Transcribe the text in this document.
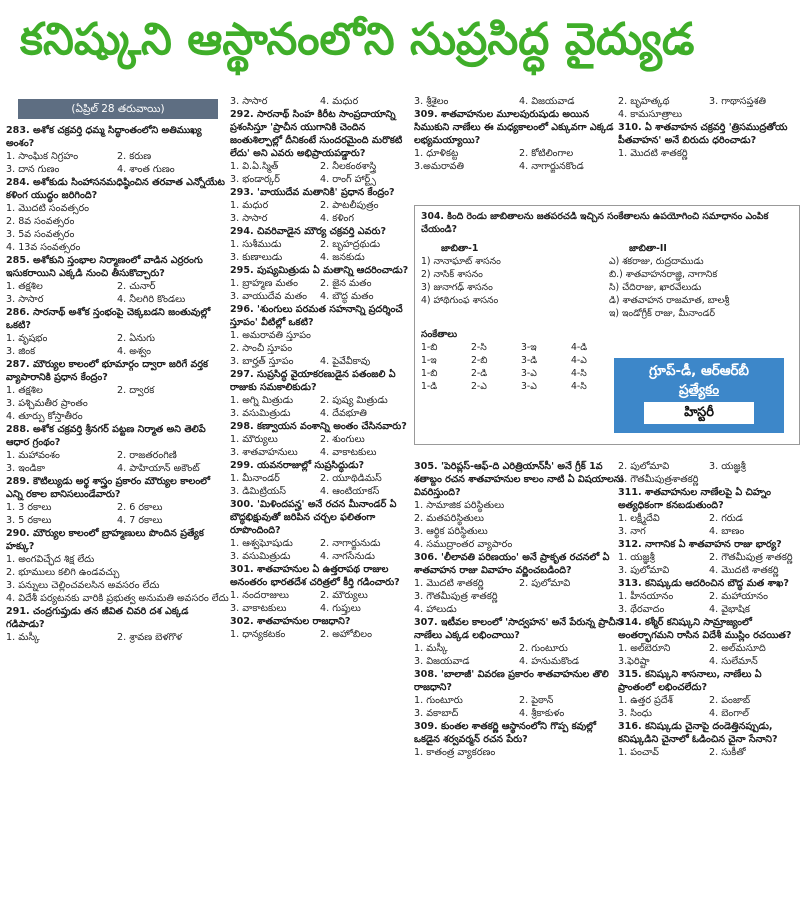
కనిష్కుని ఆస్థానంలోని సుప్రసిద్ధ వైద్యుడ
(ఏప్రిల్ 28 తరువాయి)
283. అశోక చక్రవర్తి ధమ్మ సిద్ధాంతంలోని అతిముఖ్య అంశం?
1. సాంఘిక నిగ్రహం	2. కరుణ
3. దాన గుణం	4. శాంత గుణం
284. అశోకుడు సింహాసనమధిష్ఠించిన తరవాత ఎన్నోయేట కళింగ యుద్ధం జరిగింది?
1. మొదటి సంవత్సరం
2. 8వ సంవత్సరం
3. 5వ సంవత్సరం
4. 13వ సంవత్సరం
285. అశోకుని స్తంభాల నిర్మాణంలో వాడిన ఎర్రరంగు ఇసుకరాయిని ఎక్కడి నుంచి తీసుకొచ్చారు?
1. తక్షశిల	2. చునార్
3. సాసార	4. నీలగిరి కొండలు
286. సారనాథ్ అశోక స్తంభంపై చెక్కబడని జంతువుల్లో ఒకటి?
1. వృషభం	2. ఏనుగు
3. జింక	4. అశ్వం
287. మౌర్యుల కాలంలో భూమార్గం ద్వారా జరిగే వర్తక వ్యాపారానికి ప్రధాన కేంద్రం?
1. తక్షశిల	2. ద్వారక
3. పశ్చిమతీర ప్రాంతం
4. తూర్పు కోస్తాతీరం
288. అశోక చక్రవర్తి శ్రీనగర్ పట్టణ నిర్మాత అని తెలిపే ఆధార గ్రంథం?
1. మహావంశం	2. రాజతరంగిణి
3. ఇండికా	4. పాహియాన్ అకౌంట్
289. కౌటిల్యుడు అర్థ శాస్త్రం ప్రకారం మౌర్యుల కాలంలో ఎన్ని రకాల బానిసలుండేవారు?
1. 3 రకాలు	2. 6 రకాలు
3. 5 రకాలు	4. 7 రకాలు
290. మౌర్యుల కాలంలో బ్రాహ్మణులు పొందిన ప్రత్యేక హక్కు?
1. అంగవిచ్ఛేద శిక్ష లేదు
2. భూములు కలిగి ఉండవచ్చు
3. పన్నులు చెల్లించవలసిన అవసరం లేదు
4. విదేశీ పర్యటనకు వారికి ప్రభుత్వ అనుమతి అవసరం లేదు
291. చంద్రగుప్తుడు తన జీవిత చివరి దశ ఎక్కడ గడిపాడు?
1. మస్కీ	2. శ్రావణ బెళగొళ
3. సాసార	4. మధుర
292. సారనాథ్ సింహ కిరీట సాంప్రదాయాన్ని ప్రశంసిస్తూ 'ప్రాచీన యుగానికి చెందిన జంతుశిల్పాల్లో దీనికంటే సుందరమైంది మరొకటి లేదు' అని ఎవరు అభిప్రాయపడ్డారు?
1. వి.ఏ.స్మిత్	2. నీలకంఠశాస్త్రి
3. భండార్కర్	4. రాంగ్ హార్ట్స్
293. 'వాయుదేవ మతానికి' ప్రధాన కేంద్రం?
1. మధుర	2. పాటలీపుత్రం
3. సాసార	4. కళింగ
294. చివరివాడైన మౌర్య చక్రవర్తి ఎవరు?
1. సుశీముడు	2. బృహద్రథుడు
3. కుణాలుడు	4. జనకుడు
295. పుష్యమిత్రుడు ఏ మతాన్ని ఆదరించాడు?
1. బ్రాహ్మణ మతం	2. జైన మతం
3. వాయుదేవ మతం	4. బౌద్ధ మతం
296. 'శుంగులు పరమత సహనాన్ని ప్రదర్శించే స్తూపం' వీటిల్లో ఒకటి?
1. అమరావతి స్తూపం
2. సాంచీ స్తూపం
3. బార్హత్ స్తూపం	4. పైవేవీకావు
297. సుప్రసిద్ధ వైయాకరణుడైన పతంజలి ఏ రాజుకు సమకాలికుడు?
1. అగ్ని మిత్రుడు	2. పుష్య మిత్రుడు
3. వసుమిత్రుడు	4. దేవభూతి
298. కణ్వాయన వంశాన్ని అంతం చేసినవారు?
1. మౌర్యులు	2. శుంగులు
3. శాతవాహనులు	4. వాకాటకులు
299. యవనరాజుల్లో సుప్రసిద్ధుడు?
1. మీనాండర్	2. యూథిడిమస్
3. డిమిట్రియస్	4. ఆంటియాకస్
300. 'మిళిందపన్హ' అనే రచన మీనాండర్ ఏ బౌద్ధభిక్షువుతో జరిపిన చర్చల ఫలితంగా రూపొందింది?
1. ఆశ్వఘోషుడు	2. నాగార్జునుడు
3. వసుమిత్రుడు	4. నాగసేనుడు
301. శాతవాహనుల ఏ ఉత్తరాపథ రాజుల అనంతరం భారతదేశ చరిత్రలో కీర్తి గడించారు?
1. నందరాజులు	2. మౌర్యులు
3. వాకాటకులు	4. గుప్తులు
302. శాతవాహనుల రాజధాని?
1. ధాన్యకటకం	2. అహోబిలం
3. శ్రీశైలం	4. విజయవాడ
309. శాతవాహనుల మూలపురుషుడు అయిన సిముకుని నాణేలు ఈ మధ్యకాలంలో ఎక్కువగా ఎక్కడ లభ్యమయ్యాయి?
1. ధూళికట్ట	2. కోటిలింగాల
3.అమరావతి	4. నాగార్జునకొండ
2. బృహత్కథ	3. గాథాసప్తశతి
4. కామసూత్రాలు
310. ఏ శాతవాహన చక్రవర్తి 'త్రిసముద్రతోయ పీతవాహన' అనే బిరుదు ధరించాడు?
1. మొదటి శాతకర్ణి
304. కింది రెండు జాబితాలను జతపరచడి ఇచ్చిన సంకేతాలను ఉపయోగించి సమాధానం ఎంపిక చేయండి?
జాబితా-1
1) నానాఘాట్ శాసనం
2) నాసిక్ శాసనం
3) జునాగఢ్ శాసనం
4) హాథిగుంఫ శాసనం
జాబితా-II
ఎ) శకరాజు, రుద్రదాముడు
బి.) శాతవాహనరాజ్ఞి, నాగానిక
సి) చేదిరాజు, ఖారవేలుడు
డి) శాతవాహన రాజమాత, బాలశ్రీ
ఇ) ఇండోగ్రీక్ రాజు, మీనాండర్
సంకేతాలు
1-బి	2-సి	3-ఇ	4-డి
1-ఇ	2-బి	3-డి	4-ఎ
1-బి	2-డి	3-ఎ	4-సి
1-డి	2-ఎ	3-ఎ	4-సి
గ్రూప్-డీ, ఆర్ఆర్‌బీ
ప్రత్యేకం
హిస్టరీ
305. 'పెరిప్లస్-ఆఫ్-ది ఎరిత్రియాన్‌సీ' అనే గ్రీక్ 1వ శతాబ్దం రచన శాతవాహనుల కాలం నాటి ఏ విషయాలను వివరిస్తుంది?
1. సామాజిక పరిస్థితులు
2. మతపరిస్థితులు
3. ఆర్థిక పరిస్థితులు
4. సముద్రాంతర వ్యాపారం
306. 'లీలావతి పరిణయం' అనే ప్రాకృత రచనలో ఏ శాతవాహన రాజు వివాహం వర్ణించబడింది?
1. మొదటి శాతకర్ణి	2. పులోమావి
3. గౌతమీపుత్ర శాతకర్ణి
4. హాలుడు
307. ఇటీవల కాలంలో 'సాద్వహన' అనే పేరున్న ప్రాచీన నాణేలు ఎక్కడ లభించాయి?
1. మస్కీ	2. గుంటూరు
3. విజయవాడ	4. హనుమకొండ
308. 'బాలాజీ' వివరణ ప్రకారం శాతవాహనుల తొలి రాజధాని?
1. గుంటూరు	2. పైఠాన్
3. వకాబాద్	4. శ్రీకాకుళం
309. కుంతల శాతకర్ణి ఆస్థానంలోని గొప్ప కవుల్లో ఒకడైన శర్వవర్మన్ రచన పేరు?
1. కాతంత్ర వ్యాకరణం
2. పులోమావి	3. యజ్ఞశ్రీ
4. గౌతమీపుత్రశాతకర్ణి
311. శాతవాహనుల నాణేలపై ఏ చిహ్నం అత్యధికంగా కనబడుతుంది?
1. లక్ష్మీదేవి	2. గరుడ
3. నాగ	4. బాణం
312. నాగానిక ఏ శాతవాహన రాజు భార్య?
1. యజ్ఞశ్రీ	2. గౌతమీపుత్ర శాతకర్ణి
3. పులోమావి	4. మొదటి శాతకర్ణి
313. కనిష్కుడు ఆదరించిన బౌద్ధ మత శాఖ?
1. హీనయానం	2. మహాయానం
3. థేరవాదం	4. వైభాషిక
314. కశ్మీర్ కనిష్కుని సామ్రాజ్యంలో అంతర్భాగమని రాసిన విదేశీ ముస్లిం రచయిత?
1. అల్‌బెరూని	2. అల్‌మసూది
3.ఫెరిష్టా	4. సులేమాన్
315. కనిష్కుని శాసనాలు, నాణేలు ఏ ప్రాంతంలో లభించలేదు?
1. ఉత్తర ప్రదేశ్	2. పంజాబ్
3. సింధు	4. బెంగాల్
316. కనిష్కుడు చైనాపై దండెత్తినప్పుడు, కనిష్కుడిని చైనాలో ఓడించిన చైనా సేనాని?
1. పంచావ్	2. సుకీతో
